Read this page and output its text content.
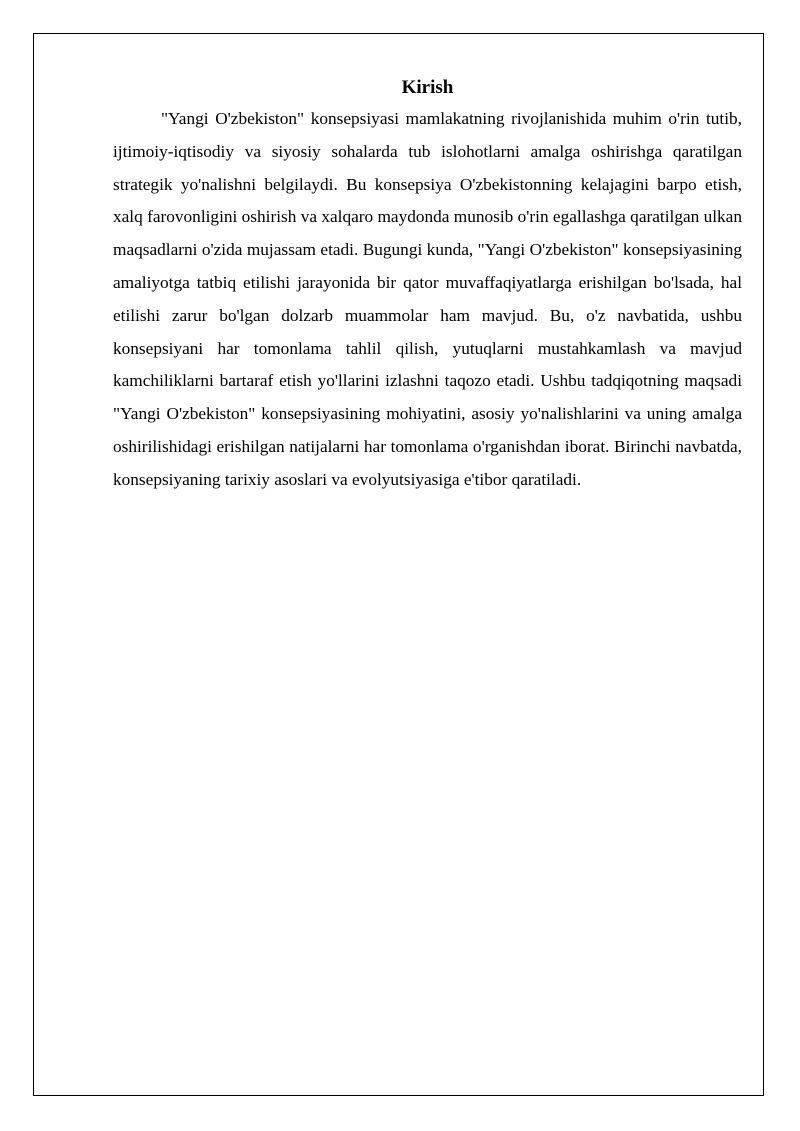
Kirish

"Yangi O'zbekiston" konsepsiyasi mamlakatning rivojlanishida muhim o'rin tutib, ijtimoiy-iqtisodiy va siyosiy sohalarda tub islohotlarni amalga oshirishga qaratilgan strategik yo'nalishni belgilaydi. Bu konsepsiya O'zbekistonning kelajagini barpo etish, xalq farovonligini oshirish va xalqaro maydonda munosib o'rin egallashga qaratilgan ulkan maqsadlarni o'zida mujassam etadi. Bugungi kunda, "Yangi O'zbekiston" konsepsiyasining amaliyotga tatbiq etilishi jarayonida bir qator muvaffaqiyatlarga erishilgan bo'lsada, hal etilishi zarur bo'lgan dolzarb muammolar ham mavjud. Bu, o'z navbatida, ushbu konsepsiyani har tomonlama tahlil qilish, yutuqlarni mustahkamlash va mavjud kamchiliklarni bartaraf etish yo'llarini izlashni taqozo etadi. Ushbu tadqiqotning maqsadi "Yangi O'zbekiston" konsepsiyasining mohiyatini, asosiy yo'nalishlarini va uning amalga oshirilishidagi erishilgan natijalarni har tomonlama o'rganishdan iborat. Birinchi navbatda, konsepsiyaning tarixiy asoslari va evolyutsiyasiga e'tibor qaratiladi.
